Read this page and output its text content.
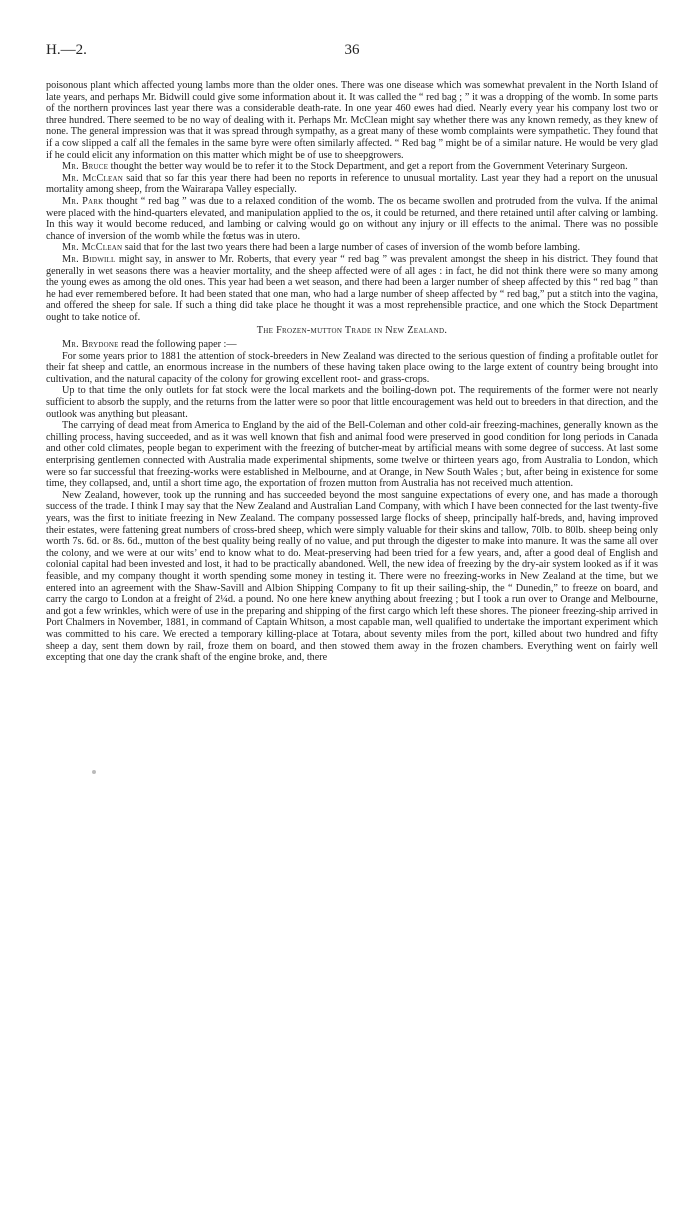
H.—2.	36

poisonous plant which affected young lambs more than the older ones. There was one disease which was somewhat prevalent in the North Island of late years, and perhaps Mr. Bidwill could give some information about it. It was called the “ red bag ; ” it was a dropping of the womb. In some parts of the northern provinces last year there was a considerable death-rate. In one year 460 ewes had died. Nearly every year his company lost two or three hundred. There seemed to be no way of dealing with it. Perhaps Mr. McClean might say whether there was any known remedy, as they knew of none. The general impression was that it was spread through sympathy, as a great many of these womb complaints were sympathetic. They found that if a cow slipped a calf all the females in the same byre were often similarly affected. “ Red bag ” might be of a similar nature. He would be very glad if he could elicit any information on this matter which might be of use to sheepgrowers.

Mr. Bruce thought the better way would be to refer it to the Stock Department, and get a report from the Government Veterinary Surgeon.

Mr. McClean said that so far this year there had been no reports in reference to unusual mortality. Last year they had a report on the unusual mortality among sheep, from the Wairarapa Valley especially.

Mr. Park thought “ red bag ” was due to a relaxed condition of the womb. The os became swollen and protruded from the vulva. If the animal were placed with the hind-quarters elevated, and manipulation applied to the os, it could be returned, and there retained until after calving or lambing. In this way it would become reduced, and lambing or calving would go on without any injury or ill effects to the animal. There was no possible chance of inversion of the womb while the fœtus was in utero.

Mr. McClean said that for the last two years there had been a large number of cases of inversion of the womb before lambing.

Mr. Bidwill might say, in answer to Mr. Roberts, that every year “ red bag ” was prevalent amongst the sheep in his district. They found that generally in wet seasons there was a heavier mortality, and the sheep affected were of all ages : in fact, he did not think there were so many among the young ewes as among the old ones. This year had been a wet season, and there had been a larger number of sheep affected by this “ red bag ” than he had ever remembered before. It had been stated that one man, who had a large number of sheep affected by “ red bag,” put a stitch into the vagina, and offered the sheep for sale. If such a thing did take place he thought it was a most reprehensible practice, and one which the Stock Department ought to take notice of.

The Frozen-mutton Trade in New Zealand.

Mr. Brydone read the following paper :—

For some years prior to 1881 the attention of stock-breeders in New Zealand was directed to the serious question of finding a profitable outlet for their fat sheep and cattle, an enormous increase in the numbers of these having taken place owing to the large extent of country being brought into cultivation, and the natural capacity of the colony for growing excellent root- and grass-crops.

Up to that time the only outlets for fat stock were the local markets and the boiling-down pot. The requirements of the former were not nearly sufficient to absorb the supply, and the returns from the latter were so poor that little encouragement was held out to breeders in that direction, and the outlook was anything but pleasant.

The carrying of dead meat from America to England by the aid of the Bell-Coleman and other cold-air freezing-machines, generally known as the chilling process, having succeeded, and as it was well known that fish and animal food were preserved in good condition for long periods in Canada and other cold climates, people began to experiment with the freezing of butcher-meat by artificial means with some degree of success. At last some enterprising gentlemen connected with Australia made experimental shipments, some twelve or thirteen years ago, from Australia to London, which were so far successful that freezing-works were established in Melbourne, and at Orange, in New South Wales ; but, after being in existence for some time, they collapsed, and, until a short time ago, the exportation of frozen mutton from Australia has not received much attention.

New Zealand, however, took up the running and has succeeded beyond the most sanguine expectations of every one, and has made a thorough success of the trade. I think I may say that the New Zealand and Australian Land Company, with which I have been connected for the last twenty-five years, was the first to initiate freezing in New Zealand. The company possessed large flocks of sheep, principally half-breds, and, having improved their estates, were fattening great numbers of cross-bred sheep, which were simply valuable for their skins and tallow, 70lb. to 80lb. sheep being only worth 7s. 6d. or 8s. 6d., mutton of the best quality being really of no value, and put through the digester to make into manure. It was the same all over the colony, and we were at our wits’ end to know what to do. Meat-preserving had been tried for a few years, and, after a good deal of English and colonial capital had been invested and lost, it had to be practically abandoned. Well, the new idea of freezing by the dry-air system looked as if it was feasible, and my company thought it worth spending some money in testing it. There were no freezing-works in New Zealand at the time, but we entered into an agreement with the Shaw-Savill and Albion Shipping Company to fit up their sailing-ship, the “ Dunedin,” to freeze on board, and carry the cargo to London at a freight of 2¼d. a pound. No one here knew anything about freezing ; but I took a run over to Orange and Melbourne, and got a few wrinkles, which were of use in the preparing and shipping of the first cargo which left these shores. The pioneer freezing-ship arrived in Port Chalmers in November, 1881, in command of Captain Whitson, a most capable man, well qualified to undertake the important experiment which was committed to his care. We erected a temporary killing-place at Totara, about seventy miles from the port, killed about two hundred and fifty sheep a day, sent them down by rail, froze them on board, and then stowed them away in the frozen chambers. Everything went on fairly well excepting that one day the crank shaft of the engine broke, and, there
